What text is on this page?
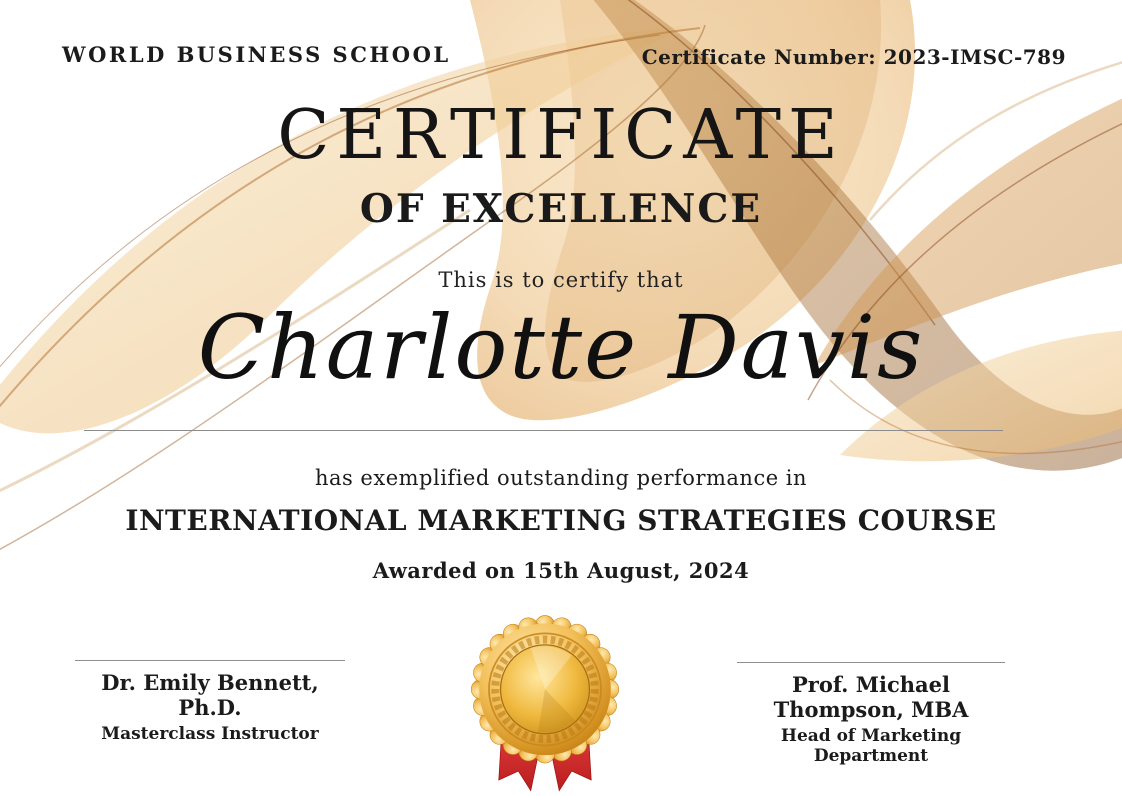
WORLD BUSINESS SCHOOL	Certificate Number: 2023-IMSC-789
CERTIFICATE
OF EXCELLENCE
This is to certify that
Charlotte Davis
has exemplified outstanding performance in
INTERNATIONAL MARKETING STRATEGIES COURSE
Awarded on 15th August, 2024
Dr. Emily Bennett, Ph.D.
Masterclass Instructor
Prof. Michael Thompson, MBA
Head of Marketing Department
